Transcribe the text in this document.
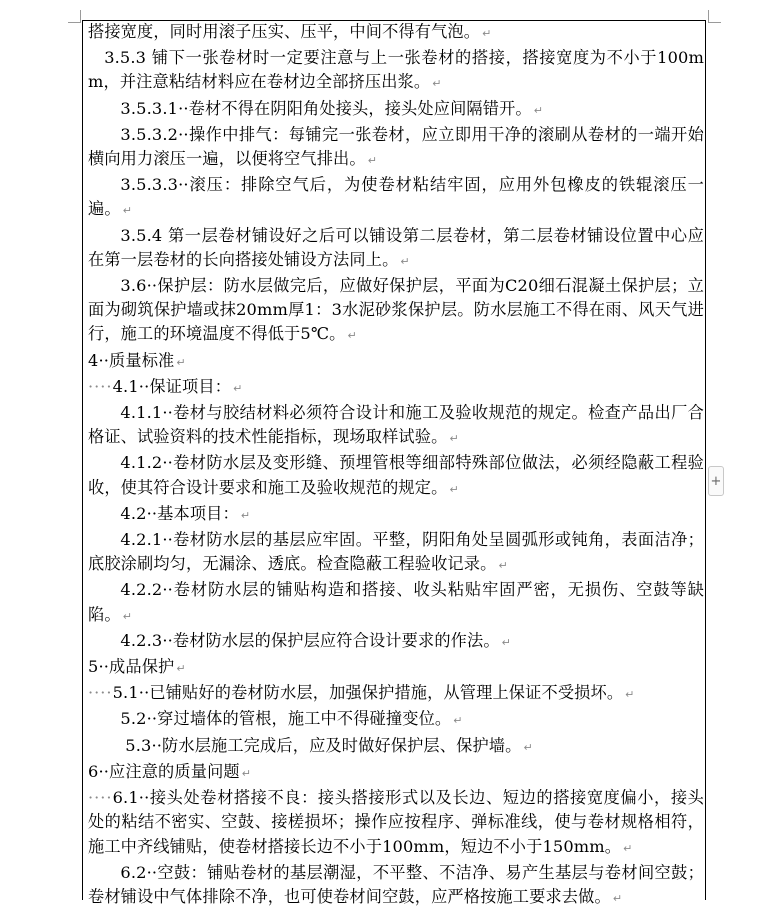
搭接宽度，同时用滚子压实、压平，中间不得有气泡。 ↵

3.5.3 铺下一张卷材时一定要注意与上一张卷材的搭接，搭接宽度为不小于100mm，并注意粘结材料应在卷材边全部挤压出浆。 ↵

3.5.3.1··卷材不得在阴阳角处接头，接头处应间隔错开。 ↵

3.5.3.2··操作中排气：每铺完一张卷材，应立即用干净的滚刷从卷材的一端开始横向用力滚压一遍，以便将空气排出。 ↵

3.5.3.3··滚压：排除空气后，为使卷材粘结牢固，应用外包橡皮的铁辊滚压一遍。 ↵

3.5.4 第一层卷材铺设好之后可以铺设第二层卷材，第二层卷材铺设位置中心应在第一层卷材的长向搭接处铺设方法同上。 ↵

3.6··保护层：防水层做完后，应做好保护层，平面为C20细石混凝土保护层；立面为砌筑保护墙或抹20mm厚1：3水泥砂浆保护层。防水层施工不得在雨、风天气进行，施工的环境温度不得低于5℃。 ↵

4··质量标准 ↵

····4.1··保证项目： ↵

4.1.1··卷材与胶结材料必须符合设计和施工及验收规范的规定。检查产品出厂合格证、试验资料的技术性能指标，现场取样试验。 ↵

4.1.2··卷材防水层及变形缝、预埋管根等细部特殊部位做法，必须经隐蔽工程验收，使其符合设计要求和施工及验收规范的规定。 ↵

4.2··基本项目： ↵

4.2.1··卷材防水层的基层应牢固。平整，阴阳角处呈圆弧形或钝角，表面洁净；底胶涂刷均匀，无漏涂、透底。检查隐蔽工程验收记录。 ↵

4.2.2··卷材防水层的铺贴构造和搭接、收头粘贴牢固严密，无损伤、空鼓等缺陷。 ↵

4.2.3··卷材防水层的保护层应符合设计要求的作法。 ↵

5··成品保护 ↵

····5.1··已铺贴好的卷材防水层，加强保护措施，从管理上保证不受损坏。 ↵

5.2··穿过墙体的管根，施工中不得碰撞变位。 ↵

5.3··防水层施工完成后，应及时做好保护层、保护墙。 ↵

6··应注意的质量问题 ↵

····6.1··接头处卷材搭接不良：接头搭接形式以及长边、短边的搭接宽度偏小，接头处的粘结不密实、空鼓、接槎损坏；操作应按程序、弹标准线，使与卷材规格相符，施工中齐线铺贴，使卷材搭接长边不小于100mm，短边不小于150mm。 ↵

6.2··空鼓：铺贴卷材的基层潮湿，不平整、不洁净、易产生基层与卷材间空鼓；卷材铺设中气体排除不净，也可使卷材间空鼓，应严格按施工要求去做。 ↵

+
